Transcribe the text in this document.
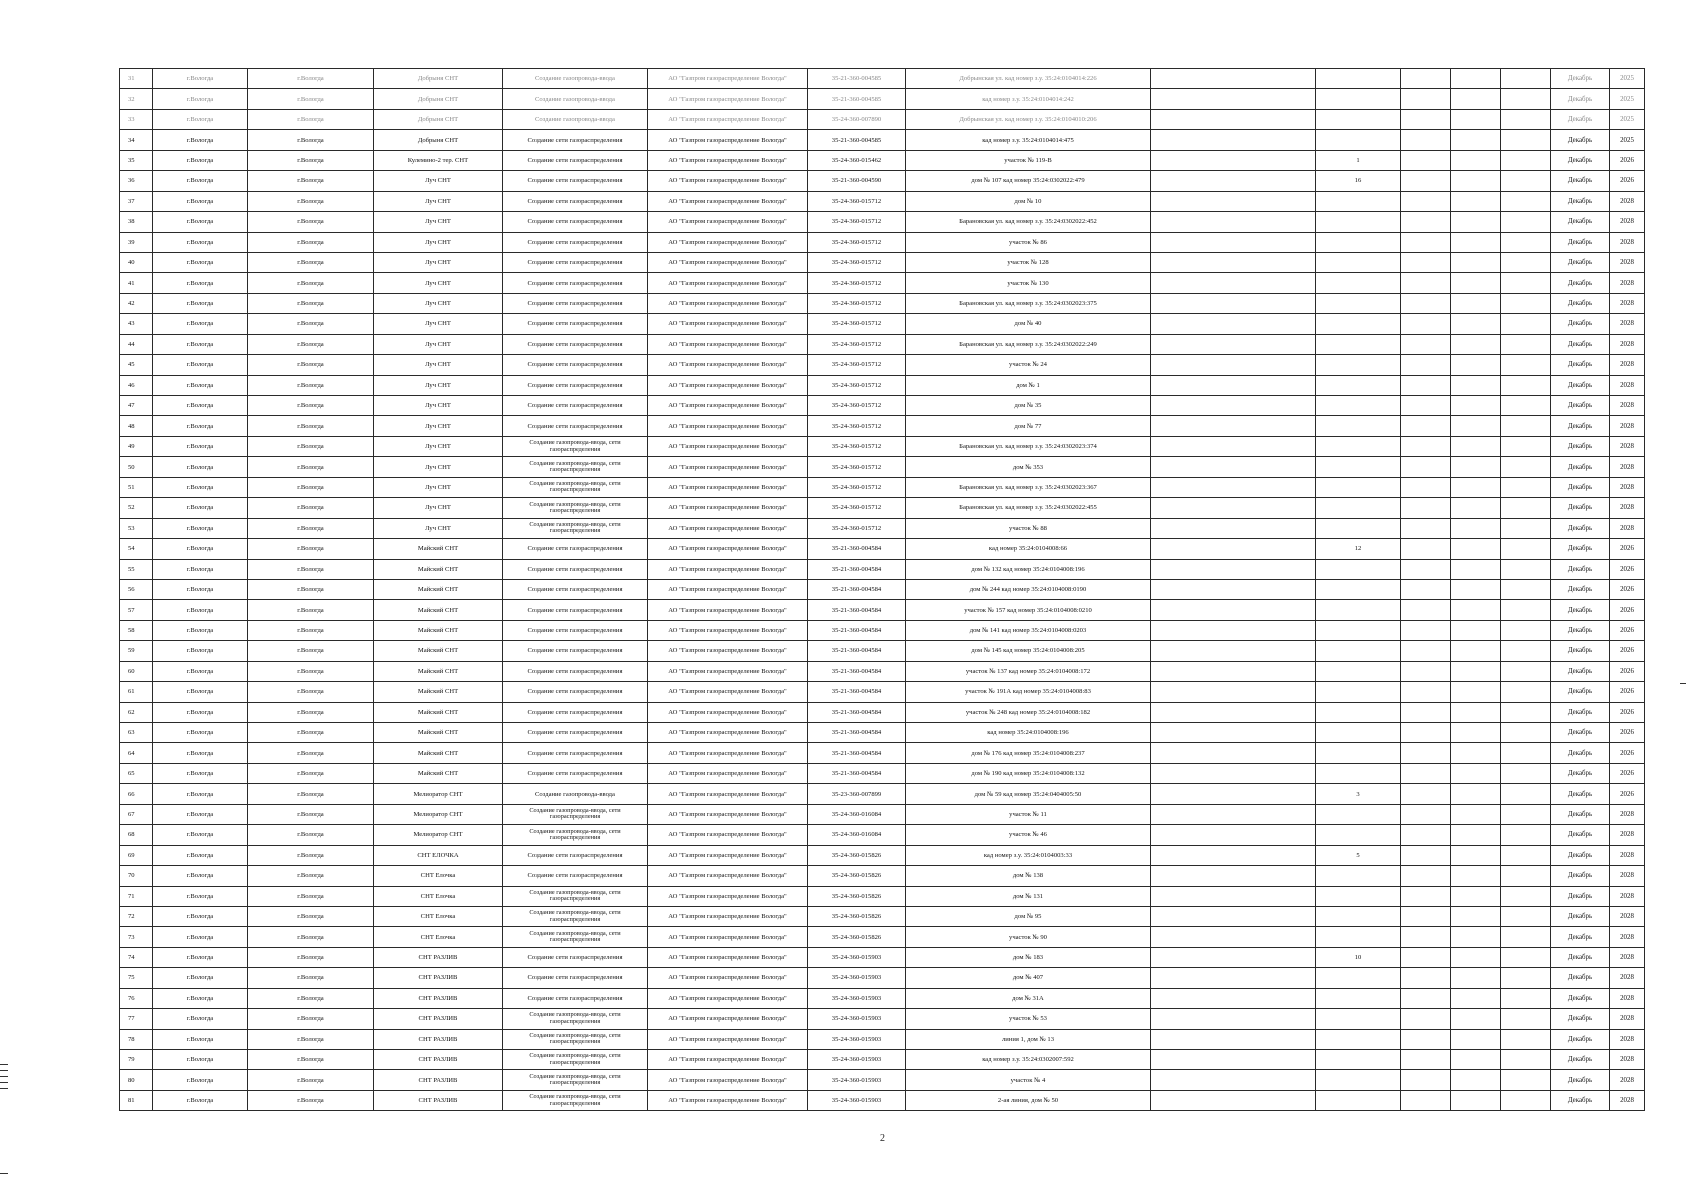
31	г.Вологда	г.Вологда	Добрыня СНТ	Создание газопровода-ввода	АО "Газпром газораспределение Вологда"	35-21-360-004585	Добрынская ул. кад номер з.у. 35:24:0104014:226						Декабрь	2025
32	г.Вологда	г.Вологда	Добрыня СНТ	Создание газопровода-ввода	АО "Газпром газораспределение Вологда"	35-21-360-004585	кад номер з.у. 35:24:0104014:242						Декабрь	2025
33	г.Вологда	г.Вологда	Добрыня СНТ	Создание газопровода-ввода	АО "Газпром газораспределение Вологда"	35-24-360-007890	Добрынская ул. кад номер з.у. 35:24:0104010:206						Декабрь	2025
34	г.Вологда	г.Вологда	Добрыня СНТ	Создание сети газораспределения	АО "Газпром газораспределение Вологда"	35-21-360-004585	кад номер з.у. 35:24:0104014:475						Декабрь	2025
35	г.Вологда	г.Вологда	Кулемино-2 тер. СНТ	Создание сети газораспределения	АО "Газпром газораспределение Вологда"	35-24-360-015462	участок № 119-В		1				Декабрь	2026
36	г.Вологда	г.Вологда	Луч СНТ	Создание сети газораспределения	АО "Газпром газораспределение Вологда"	35-21-360-004590	дом № 107 кад номер 35:24:0302022:479		16				Декабрь	2026
37	г.Вологда	г.Вологда	Луч СНТ	Создание сети газораспределения	АО "Газпром газораспределение Вологда"	35-24-360-015712	дом № 10						Декабрь	2028
38	г.Вологда	г.Вологда	Луч СНТ	Создание сети газораспределения	АО "Газпром газораспределение Вологда"	35-24-360-015712	Барановская ул. кад номер з.у. 35:24:0302022:452						Декабрь	2028
39	г.Вологда	г.Вологда	Луч СНТ	Создание сети газораспределения	АО "Газпром газораспределение Вологда"	35-24-360-015712	участок № 86						Декабрь	2028
40	г.Вологда	г.Вологда	Луч СНТ	Создание сети газораспределения	АО "Газпром газораспределение Вологда"	35-24-360-015712	участок № 128						Декабрь	2028
41	г.Вологда	г.Вологда	Луч СНТ	Создание сети газораспределения	АО "Газпром газораспределение Вологда"	35-24-360-015712	участок № 130						Декабрь	2028
42	г.Вологда	г.Вологда	Луч СНТ	Создание сети газораспределения	АО "Газпром газораспределение Вологда"	35-24-360-015712	Барановская ул. кад номер з.у. 35:24:0302023:375						Декабрь	2028
43	г.Вологда	г.Вологда	Луч СНТ	Создание сети газораспределения	АО "Газпром газораспределение Вологда"	35-24-360-015712	дом № 40						Декабрь	2028
44	г.Вологда	г.Вологда	Луч СНТ	Создание сети газораспределения	АО "Газпром газораспределение Вологда"	35-24-360-015712	Барановская ул. кад номер з.у. 35:24:0302022:249						Декабрь	2028
45	г.Вологда	г.Вологда	Луч СНТ	Создание сети газораспределения	АО "Газпром газораспределение Вологда"	35-24-360-015712	участок № 24						Декабрь	2028
46	г.Вологда	г.Вологда	Луч СНТ	Создание сети газораспределения	АО "Газпром газораспределение Вологда"	35-24-360-015712	дом № 1						Декабрь	2028
47	г.Вологда	г.Вологда	Луч СНТ	Создание сети газораспределения	АО "Газпром газораспределение Вологда"	35-24-360-015712	дом № 35						Декабрь	2028
48	г.Вологда	г.Вологда	Луч СНТ	Создание сети газораспределения	АО "Газпром газораспределение Вологда"	35-24-360-015712	дом № 77						Декабрь	2028
49	г.Вологда	г.Вологда	Луч СНТ	Создание газопровода-ввода, сети газораспределения	АО "Газпром газораспределение Вологда"	35-24-360-015712	Барановская ул. кад номер з.у. 35:24:0302023:374						Декабрь	2028
50	г.Вологда	г.Вологда	Луч СНТ	Создание газопровода-ввода, сети газораспределения	АО "Газпром газораспределение Вологда"	35-24-360-015712	дом № 353						Декабрь	2028
51	г.Вологда	г.Вологда	Луч СНТ	Создание газопровода-ввода, сети газораспределения	АО "Газпром газораспределение Вологда"	35-24-360-015712	Барановская ул. кад номер з.у. 35:24:0302023:367						Декабрь	2028
52	г.Вологда	г.Вологда	Луч СНТ	Создание газопровода-ввода, сети газораспределения	АО "Газпром газораспределение Вологда"	35-24-360-015712	Барановская ул. кад номер з.у. 35:24:0302022:455						Декабрь	2028
53	г.Вологда	г.Вологда	Луч СНТ	Создание газопровода-ввода, сети газораспределения	АО "Газпром газораспределение Вологда"	35-24-360-015712	участок № 88						Декабрь	2028
54	г.Вологда	г.Вологда	Майский СНТ	Создание сети газораспределения	АО "Газпром газораспределение Вологда"	35-21-360-004584	кад номер 35:24:0104008:66		12				Декабрь	2026
55	г.Вологда	г.Вологда	Майский СНТ	Создание сети газораспределения	АО "Газпром газораспределение Вологда"	35-21-360-004584	дом № 132 кад номер 35:24:0104008:196						Декабрь	2026
56	г.Вологда	г.Вологда	Майский СНТ	Создание сети газораспределения	АО "Газпром газораспределение Вологда"	35-21-360-004584	дом № 244 кад номер 35:24:0104008:0190						Декабрь	2026
57	г.Вологда	г.Вологда	Майский СНТ	Создание сети газораспределения	АО "Газпром газораспределение Вологда"	35-21-360-004584	участок № 157 кад номер 35:24:0104008:0210						Декабрь	2026
58	г.Вологда	г.Вологда	Майский СНТ	Создание сети газораспределения	АО "Газпром газораспределение Вологда"	35-21-360-004584	дом № 141 кад номер 35:24:0104008:0203						Декабрь	2026
59	г.Вологда	г.Вологда	Майский СНТ	Создание сети газораспределения	АО "Газпром газораспределение Вологда"	35-21-360-004584	дом № 145 кад номер 35:24:0104008:205						Декабрь	2026
60	г.Вологда	г.Вологда	Майский СНТ	Создание сети газораспределения	АО "Газпром газораспределение Вологда"	35-21-360-004584	участок № 137 кад номер 35:24:0104008:172						Декабрь	2026
61	г.Вологда	г.Вологда	Майский СНТ	Создание сети газораспределения	АО "Газпром газораспределение Вологда"	35-21-360-004584	участок № 191А кад номер 35:24:0104008:83						Декабрь	2026
62	г.Вологда	г.Вологда	Майский СНТ	Создание сети газораспределения	АО "Газпром газораспределение Вологда"	35-21-360-004584	участок № 248 кад номер 35:24:0104008:182						Декабрь	2026
63	г.Вологда	г.Вологда	Майский СНТ	Создание сети газораспределения	АО "Газпром газораспределение Вологда"	35-21-360-004584	кад номер 35:24:0104008:196						Декабрь	2026
64	г.Вологда	г.Вологда	Майский СНТ	Создание сети газораспределения	АО "Газпром газораспределение Вологда"	35-21-360-004584	дом № 176 кад номер 35:24:0104008:237						Декабрь	2026
65	г.Вологда	г.Вологда	Майский СНТ	Создание сети газораспределения	АО "Газпром газораспределение Вологда"	35-21-360-004584	дом № 190 кад номер 35:24:0104008:132						Декабрь	2026
66	г.Вологда	г.Вологда	Мелиоратор СНТ	Создание газопровода-ввода	АО "Газпром газораспределение Вологда"	35-23-360-007899	дом № 59 кад номер 35:24:0404005:50		3				Декабрь	2026
67	г.Вологда	г.Вологда	Мелиоратор СНТ	Создание газопровода-ввода, сети газораспределения	АО "Газпром газораспределение Вологда"	35-24-360-016084	участок № 11						Декабрь	2028
68	г.Вологда	г.Вологда	Мелиоратор СНТ	Создание газопровода-ввода, сети газораспределения	АО "Газпром газораспределение Вологда"	35-24-360-016084	участок № 46						Декабрь	2028
69	г.Вологда	г.Вологда	СНТ ЕЛОЧКА	Создание сети газораспределения	АО "Газпром газораспределение Вологда"	35-24-360-015826	кад номер з.у. 35:24:0104003:33		5				Декабрь	2028
70	г.Вологда	г.Вологда	СНТ Елочка	Создание сети газораспределения	АО "Газпром газораспределение Вологда"	35-24-360-015826	дом № 138						Декабрь	2028
71	г.Вологда	г.Вологда	СНТ Елочка	Создание газопровода-ввода, сети газораспределения	АО "Газпром газораспределение Вологда"	35-24-360-015826	дом № 131						Декабрь	2028
72	г.Вологда	г.Вологда	СНТ Елочка	Создание газопровода-ввода, сети газораспределения	АО "Газпром газораспределение Вологда"	35-24-360-015826	дом № 95						Декабрь	2028
73	г.Вологда	г.Вологда	СНТ Елочка	Создание газопровода-ввода, сети газораспределения	АО "Газпром газораспределение Вологда"	35-24-360-015826	участок № 90						Декабрь	2028
74	г.Вологда	г.Вологда	СНТ РАЗЛИВ	Создание сети газораспределения	АО "Газпром газораспределение Вологда"	35-24-360-015903	дом № 183		10				Декабрь	2028
75	г.Вологда	г.Вологда	СНТ РАЗЛИВ	Создание сети газораспределения	АО "Газпром газораспределение Вологда"	35-24-360-015903	дом № 407						Декабрь	2028
76	г.Вологда	г.Вологда	СНТ РАЗЛИВ	Создание сети газораспределения	АО "Газпром газораспределение Вологда"	35-24-360-015903	дом № 31А						Декабрь	2028
77	г.Вологда	г.Вологда	СНТ РАЗЛИВ	Создание газопровода-ввода, сети газораспределения	АО "Газпром газораспределение Вологда"	35-24-360-015903	участок № 53						Декабрь	2028
78	г.Вологда	г.Вологда	СНТ РАЗЛИВ	Создание газопровода-ввода, сети газораспределения	АО "Газпром газораспределение Вологда"	35-24-360-015903	линия 1, дом № 13						Декабрь	2028
79	г.Вологда	г.Вологда	СНТ РАЗЛИВ	Создание газопровода-ввода, сети газораспределения	АО "Газпром газораспределение Вологда"	35-24-360-015903	кад номер з.у. 35:24:0302007:592						Декабрь	2028
80	г.Вологда	г.Вологда	СНТ РАЗЛИВ	Создание газопровода-ввода, сети газораспределения	АО "Газпром газораспределение Вологда"	35-24-360-015903	участок № 4						Декабрь	2028
81	г.Вологда	г.Вологда	СНТ РАЗЛИВ	Создание газопровода-ввода, сети газораспределения	АО "Газпром газораспределение Вологда"	35-24-360-015903	2-ая линия, дом № 50						Декабрь	2028
2
